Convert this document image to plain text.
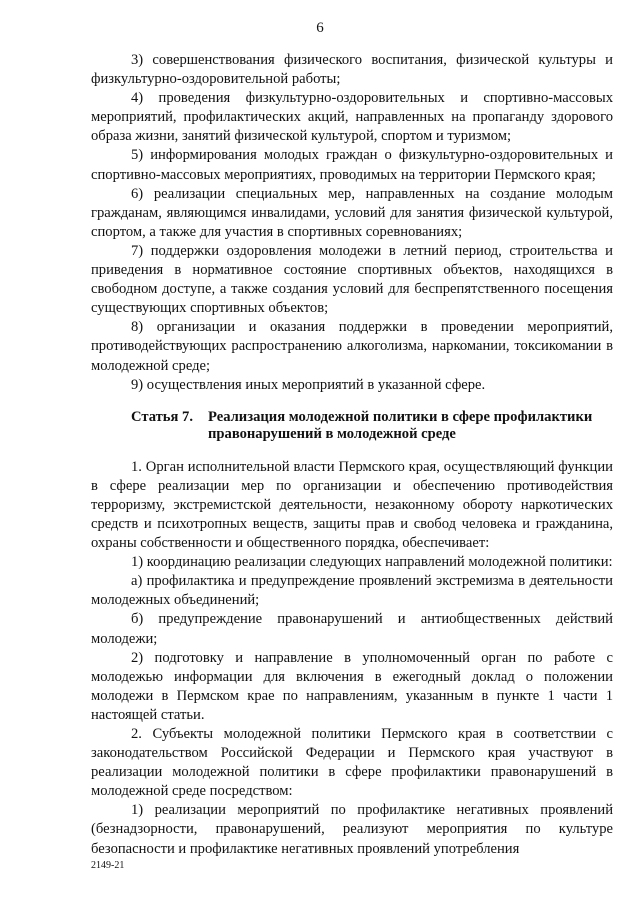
6

3) совершенствования физического воспитания, физической культуры и физкультурно-оздоровительной работы;

4) проведения физкультурно-оздоровительных и спортивно-массовых мероприятий, профилактических акций, направленных на пропаганду здорового образа жизни, занятий физической культурой, спортом и туризмом;

5) информирования молодых граждан о физкультурно-оздоровительных и спортивно-массовых мероприятиях, проводимых на территории Пермского края;

6) реализации специальных мер, направленных на создание молодым гражданам, являющимся инвалидами, условий для занятия физической культурой, спортом, а также для участия в спортивных соревнованиях;

7) поддержки оздоровления молодежи в летний период, строительства и приведения в нормативное состояние спортивных объектов, находящихся в свободном доступе, а также создания условий для беспрепятственного посещения существующих спортивных объектов;

8) организации и оказания поддержки в проведении мероприятий, противодействующих распространению алкоголизма, наркомании, токсикомании в молодежной среде;

9) осуществления иных мероприятий в указанной сфере.

Статья 7. Реализация молодежной политики в сфере профилактики правонарушений в молодежной среде

1. Орган исполнительной власти Пермского края, осуществляющий функции в сфере реализации мер по организации и обеспечению противодействия терроризму, экстремистской деятельности, незаконному обороту наркотических средств и психотропных веществ, защиты прав и свобод человека и гражданина, охраны собственности и общественного порядка, обеспечивает:

1) координацию реализации следующих направлений молодежной политики:

а) профилактика и предупреждение проявлений экстремизма в деятельности молодежных объединений;

б) предупреждение правонарушений и антиобщественных действий молодежи;

2) подготовку и направление в уполномоченный орган по работе с молодежью информации для включения в ежегодный доклад о положении молодежи в Пермском крае по направлениям, указанным в пункте 1 части 1 настоящей статьи.

2. Субъекты молодежной политики Пермского края в соответствии с законодательством Российской Федерации и Пермского края участвуют в реализации молодежной политики в сфере профилактики правонарушений в молодежной среде посредством:

1) реализации мероприятий по профилактике негативных проявлений (безнадзорности, правонарушений, реализуют мероприятия по культуре безопасности и профилактике негативных проявлений употребления

2149-21
